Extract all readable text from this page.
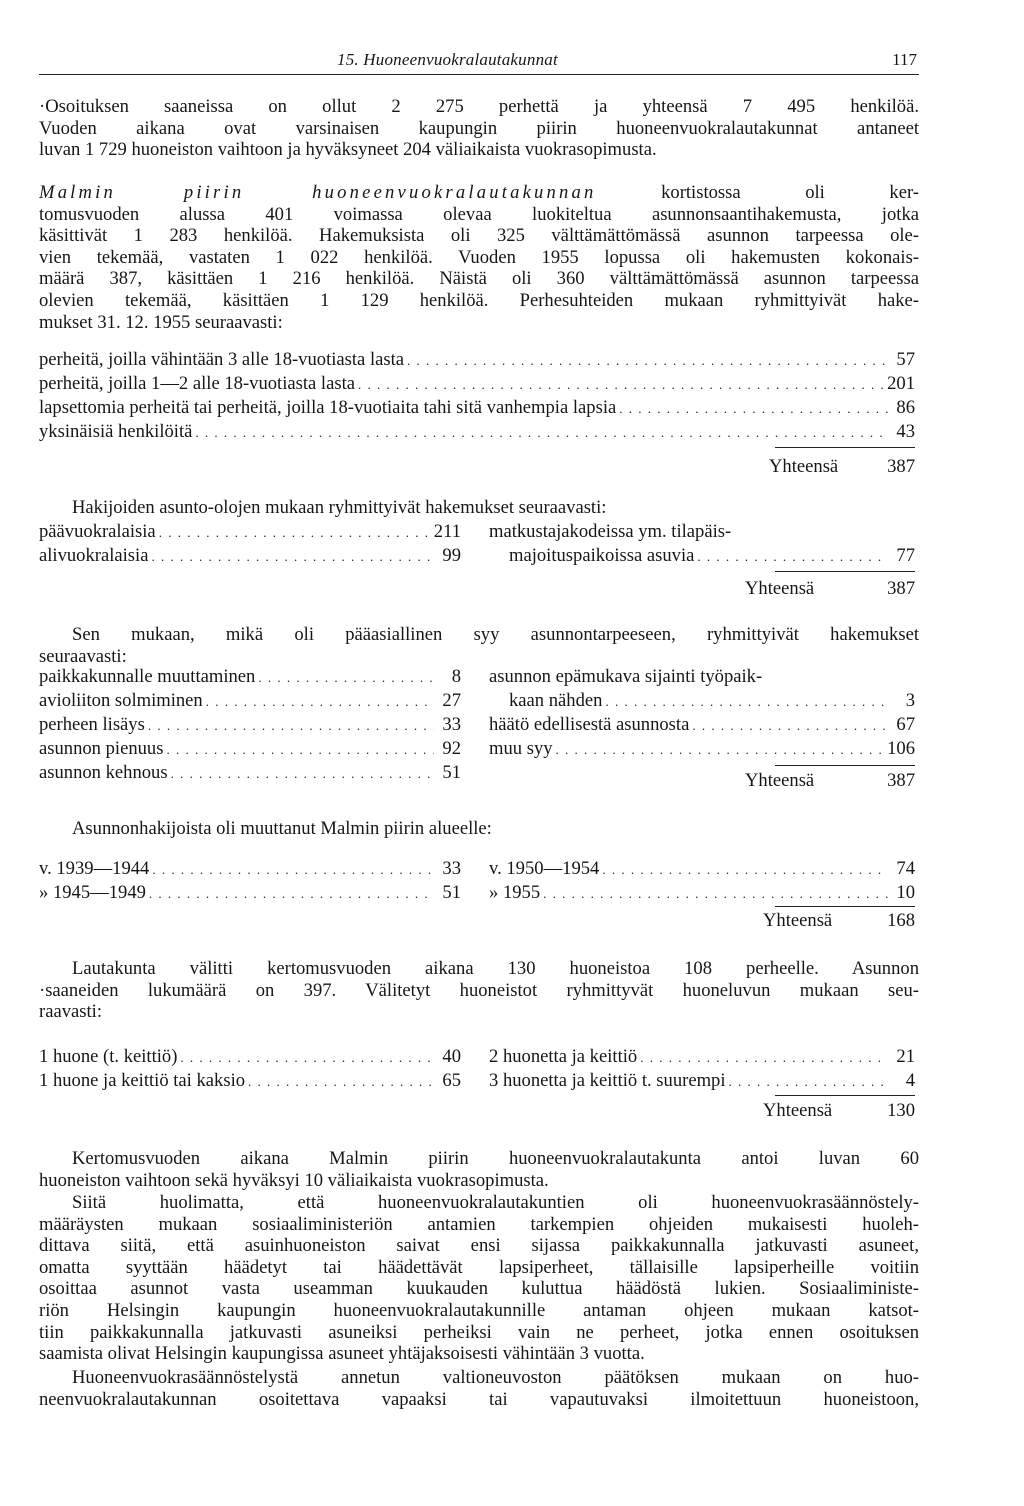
15. Huoneenvuokralautakunnat	117
·Osoituksen saaneissa on ollut 2 275 perhettä ja yhteensä 7 495 henkilöä.
Vuoden aikana ovat varsinaisen kaupungin piirin huoneenvuokralautakunnat antaneet
luvan 1 729 huoneiston vaihtoon ja hyväksyneet 204 väliaikaista vuokrasopimusta.
Malmin piirin huoneenvuokralautakunnan kortistossa oli ker-
tomusvuoden alussa 401 voimassa olevaa luokiteltua asunnonsaantihakemusta, jotka
käsittivät 1 283 henkilöä. Hakemuksista oli 325 välttämättömässä asunnon tarpeessa ole-
vien tekemää, vastaten 1 022 henkilöä. Vuoden 1955 lopussa oli hakemusten kokonais-
määrä 387, käsittäen 1 216 henkilöä. Näistä oli 360 välttämättömässä asunnon tarpeessa
olevien tekemää, käsittäen 1 129 henkilöä. Perhesuhteiden mukaan ryhmittyivät hake-
mukset 31. 12. 1955 seuraavasti:
perheitä, joilla vähintään 3 alle 18-vuotiasta lasta . . .	57
perheitä, joilla 1—2 alle 18-vuotiasta lasta . . .	201
lapsettomia perheitä tai perheitä, joilla 18-vuotiaita tahi sitä vanhempia lapsia . . .	86
yksinäisiä henkilöitä . . .	43
Yhteensä	387
Hakijoiden asunto-olojen mukaan ryhmittyivät hakemukset seuraavasti:
päävuokralaisia . . .	211
alivuokralaisia . . .	99
matkustajakodeissa ym. tilapäis-
majoituspaikoissa asuvia . . .	77
Yhteensä	387
Sen mukaan, mikä oli pääasiallinen syy asunnontarpeeseen, ryhmittyivät hakemukset
seuraavasti:
paikkakunnalle muuttaminen . . .	8
avioliiton solmiminen . . .	27
perheen lisäys . . .	33
asunnon pienuus . . .	92
asunnon kehnous . . .	51
asunnon epämukava sijainti työpaik-
kaan nähden . . .	3
häätö edellisestä asunnosta . . .	67
muu syy . . .	106
Yhteensä	387
Asunnonhakijoista oli muuttanut Malmin piirin alueelle:
v. 1939—1944 . . .	33
» 1945—1949 . . .	51
v. 1950—1954 . . .	74
» 1955 . . .	10
Yhteensä	168
Lautakunta välitti kertomusvuoden aikana 130 huoneistoa 108 perheelle. Asunnon
·saaneiden lukumäärä on 397. Välitetyt huoneistot ryhmittyvät huoneluvun mukaan seu-
raavasti:
1 huone (t. keittiö) . . .	40
1 huone ja keittiö tai kaksio . . .	65
2 huonetta ja keittiö . . .	21
3 huonetta ja keittiö t. suurempi . . .	4
Yhteensä	130
Kertomusvuoden aikana Malmin piirin huoneenvuokralautakunta antoi luvan 60
huoneiston vaihtoon sekä hyväksyi 10 väliaikaista vuokrasopimusta.
Siitä huolimatta, että huoneenvuokralautakuntien oli huoneenvuokrasäännöstely-
määräysten mukaan sosiaaliministeriön antamien tarkempien ohjeiden mukaisesti huoleh-
dittava siitä, että asuinhuoneiston saivat ensi sijassa paikkakunnalla jatkuvasti asuneet,
omatta syyttään häädetyt tai häädettävät lapsiperheet, tällaisille lapsiperheille voitiin
osoittaa asunnot vasta useamman kuukauden kuluttua häädöstä lukien. Sosiaaliministe-
riön Helsingin kaupungin huoneenvuokralautakunnille antaman ohjeen mukaan katsot-
tiin paikkakunnalla jatkuvasti asuneiksi perheiksi vain ne perheet, jotka ennen osoituksen
saamista olivat Helsingin kaupungissa asuneet yhtäjaksoisesti vähintään 3 vuotta.
Huoneenvuokrasäännöstelystä annetun valtioneuvoston päätöksen mukaan on huo-
neenvuokralautakunnan osoitettava vapaaksi tai vapautuvaksi ilmoitettuun huoneistoon,
